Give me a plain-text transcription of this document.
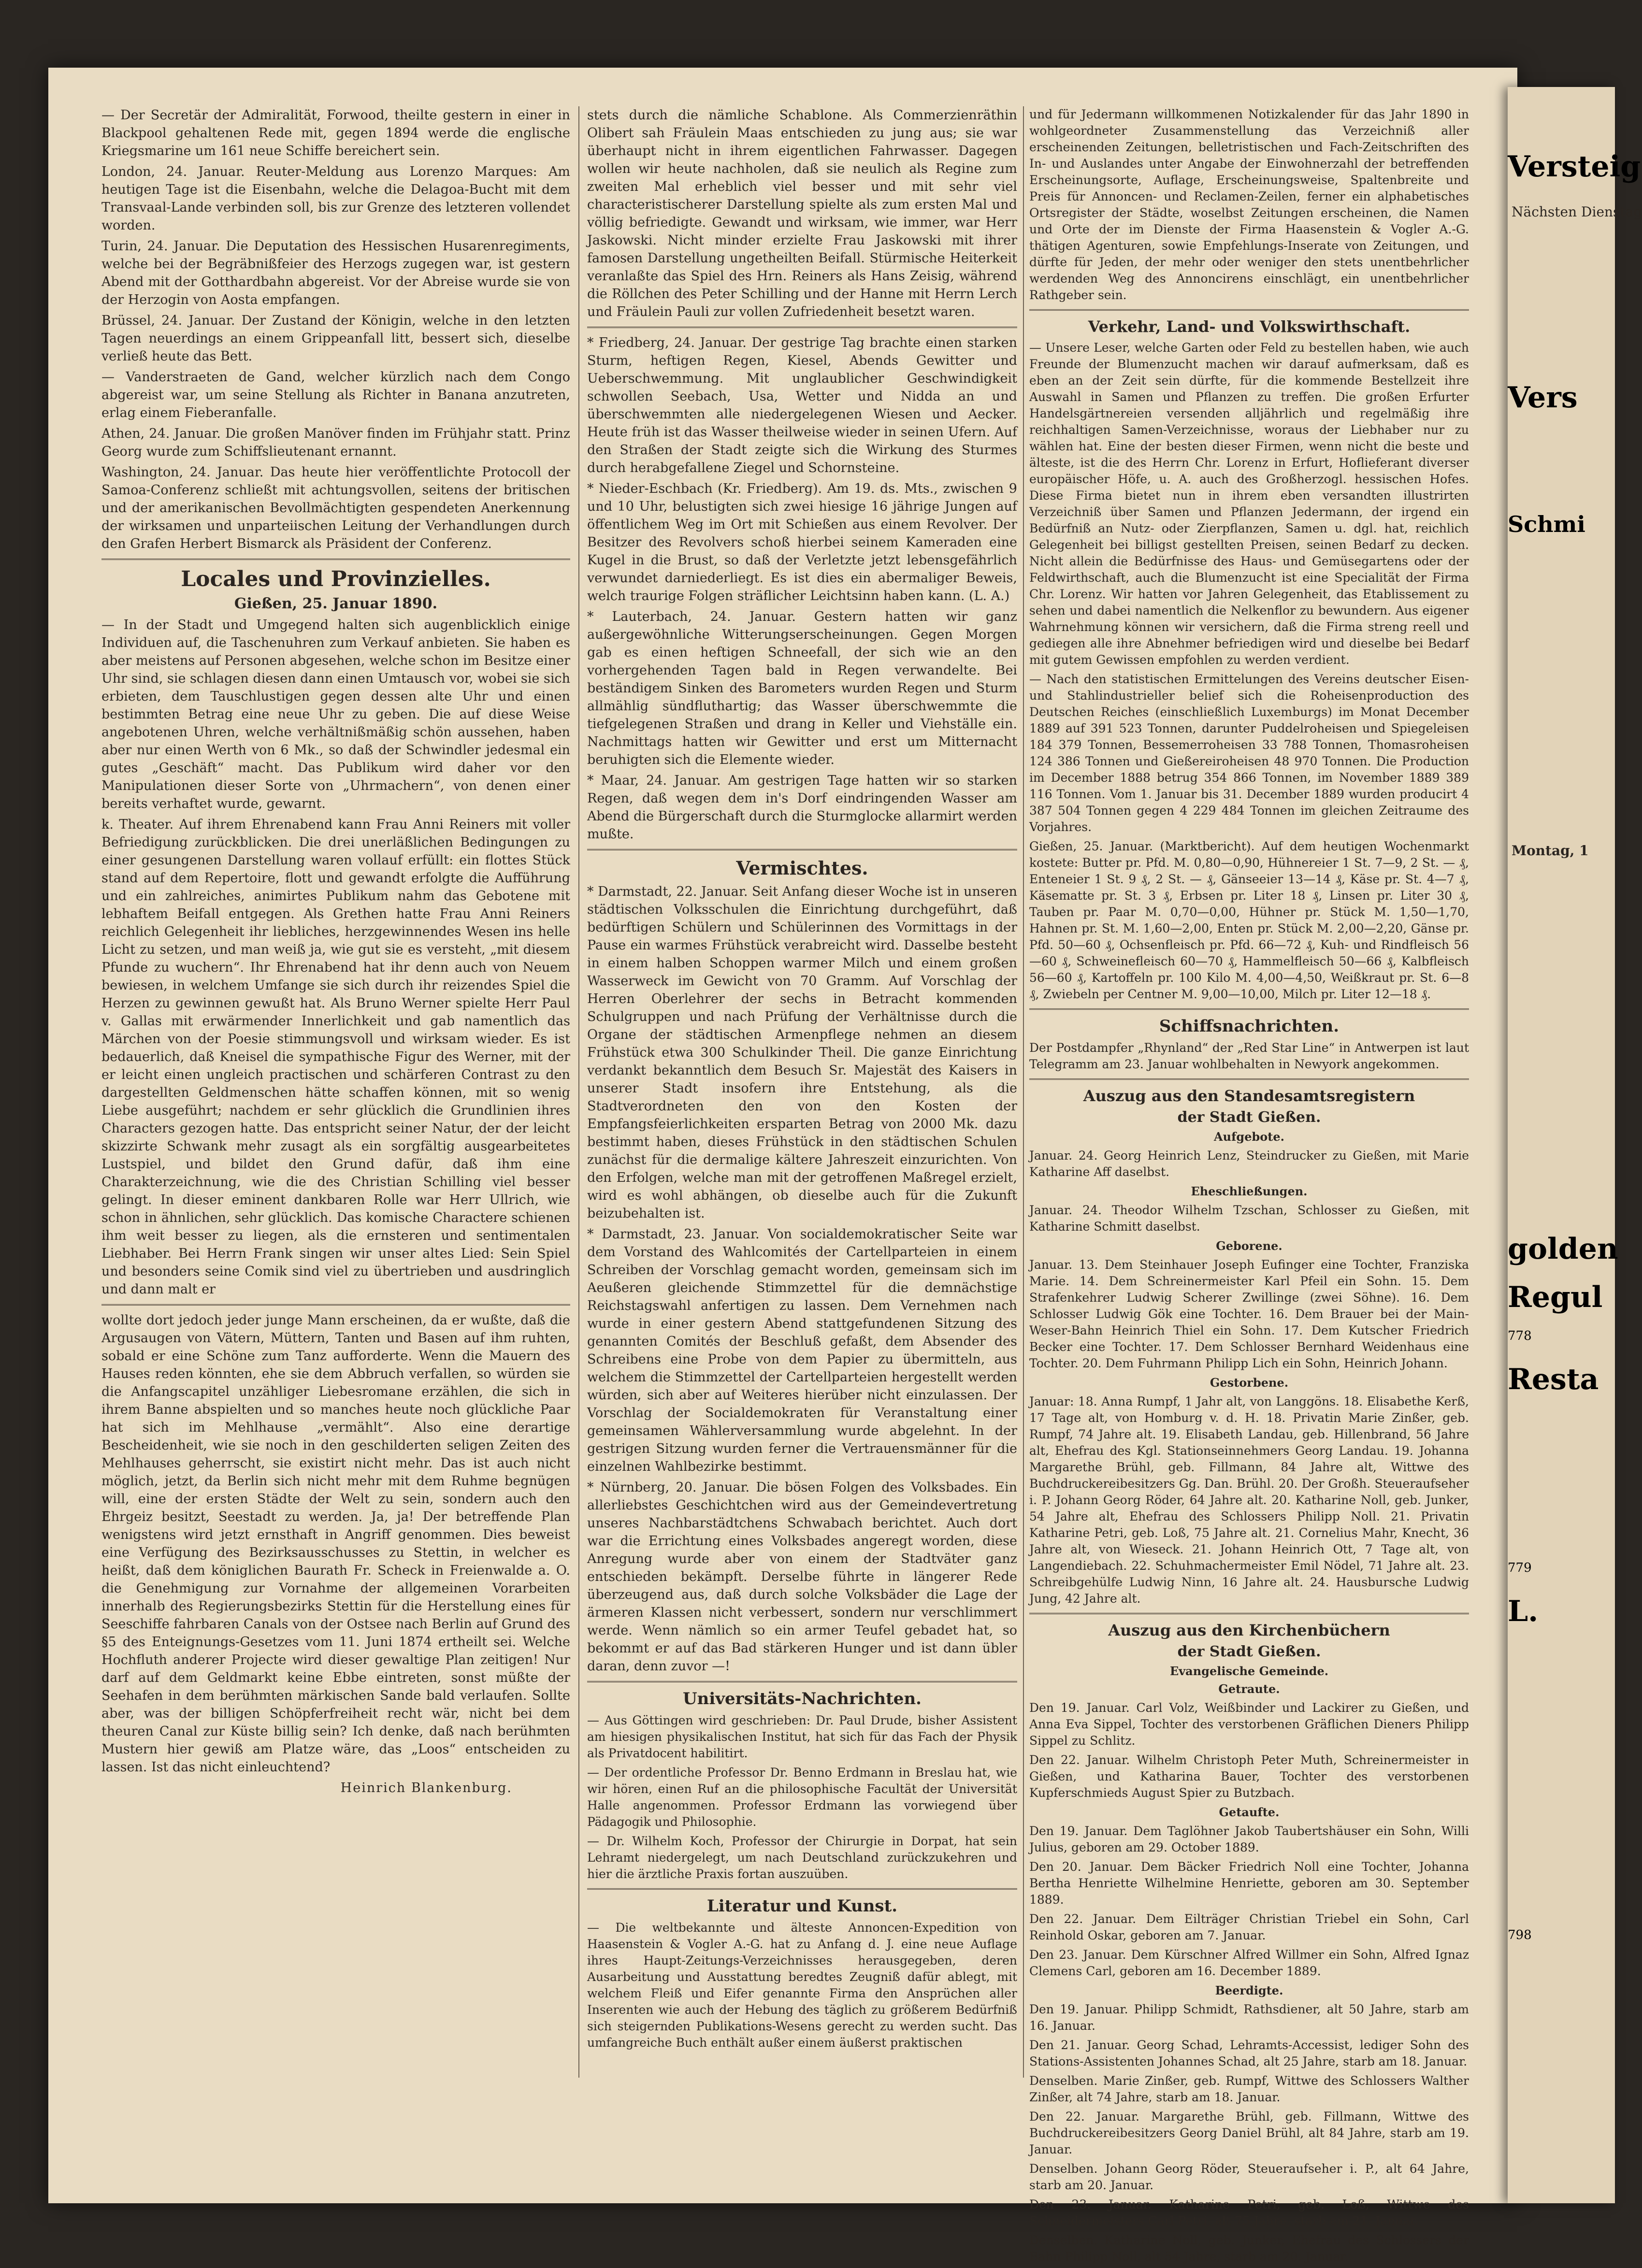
Versteig
Nächsten Dienstag
Vers
Schmi
Montag, 1
golden
Regul
778
Resta
779
L.
798

— Der Secretär der Admiralität, Forwood, theilte gestern in einer in Blackpool gehaltenen Rede mit, gegen 1894 werde die englische Kriegsmarine um 161 neue Schiffe bereichert sein.

London, 24. Januar. Reuter-Meldung aus Lorenzo Marques: Am heutigen Tage ist die Eisenbahn, welche die Delagoa-Bucht mit dem Transvaal-Lande verbinden soll, bis zur Grenze des letzteren vollendet worden.

Turin, 24. Januar. Die Deputation des Hessischen Husarenregiments, welche bei der Begräbnißfeier des Herzogs zugegen war, ist gestern Abend mit der Gotthardbahn abgereist. Vor der Abreise wurde sie von der Herzogin von Aosta empfangen.

Brüssel, 24. Januar. Der Zustand der Königin, welche in den letzten Tagen neuerdings an einem Grippeanfall litt, bessert sich, dieselbe verließ heute das Bett.

— Vanderstraeten de Gand, welcher kürzlich nach dem Congo abgereist war, um seine Stellung als Richter in Banana anzutreten, erlag einem Fieberanfalle.

Athen, 24. Januar. Die großen Manöver finden im Frühjahr statt. Prinz Georg wurde zum Schiffslieutenant ernannt.

Washington, 24. Januar. Das heute hier veröffentlichte Protocoll der Samoa-Conferenz schließt mit achtungsvollen, seitens der britischen und der amerikanischen Bevollmächtigten gespendeten Anerkennung der wirksamen und unparteiischen Leitung der Verhandlungen durch den Grafen Herbert Bismarck als Präsident der Conferenz.

Locales und Provinzielles.
Gießen, 25. Januar 1890.

— In der Stadt und Umgegend halten sich augenblicklich einige Individuen auf, die Taschenuhren zum Verkauf anbieten. Sie haben es aber meistens auf Personen abgesehen, welche schon im Besitze einer Uhr sind, sie schlagen diesen dann einen Umtausch vor, wobei sie sich erbieten, dem Tauschlustigen gegen dessen alte Uhr und einen bestimmten Betrag eine neue Uhr zu geben. Die auf diese Weise angebotenen Uhren, welche verhältnißmäßig schön aussehen, haben aber nur einen Werth von 6 Mk., so daß der Schwindler jedesmal ein gutes „Geschäft“ macht. Das Publikum wird daher vor den Manipulationen dieser Sorte von „Uhrmachern“, von denen einer bereits verhaftet wurde, gewarnt.

k. Theater. Auf ihrem Ehrenabend kann Frau Anni Reiners mit voller Befriedigung zurückblicken. Die drei unerläßlichen Bedingungen zu einer gesungenen Darstellung waren vollauf erfüllt: ein flottes Stück stand auf dem Repertoire, flott und gewandt erfolgte die Aufführung und ein zahlreiches, animirtes Publikum nahm das Gebotene mit lebhaftem Beifall entgegen. Als Grethen hatte Frau Anni Reiners reichlich Gelegenheit ihr liebliches, herzgewinnendes Wesen ins helle Licht zu setzen, und man weiß ja, wie gut sie es versteht, „mit diesem Pfunde zu wuchern“. Ihr Ehrenabend hat ihr denn auch von Neuem bewiesen, in welchem Umfange sie sich durch ihr reizendes Spiel die Herzen zu gewinnen gewußt hat. Als Bruno Werner spielte Herr Paul v. Gallas mit erwärmender Innerlichkeit und gab namentlich das Märchen von der Poesie stimmungsvoll und wirksam wieder. Es ist bedauerlich, daß Kneisel die sympathische Figur des Werner, mit der er leicht einen ungleich practischen und schärferen Contrast zu den dargestellten Geldmenschen hätte schaffen können, mit so wenig Liebe ausgeführt; nachdem er sehr glücklich die Grundlinien ihres Characters gezogen hatte. Das entspricht seiner Natur, der der leicht skizzirte Schwank mehr zusagt als ein sorgfältig ausgearbeitetes Lustspiel, und bildet den Grund dafür, daß ihm eine Charakterzeichnung, wie die des Christian Schilling viel besser gelingt. In dieser eminent dankbaren Rolle war Herr Ullrich, wie schon in ähnlichen, sehr glücklich. Das komische Charactere schienen ihm weit besser zu liegen, als die ernsteren und sentimentalen Liebhaber. Bei Herrn Frank singen wir unser altes Lied: Sein Spiel und besonders seine Comik sind viel zu übertrieben und ausdringlich und dann malt er

wollte dort jedoch jeder junge Mann erscheinen, da er wußte, daß die Argusaugen von Vätern, Müttern, Tanten und Basen auf ihm ruhten, sobald er eine Schöne zum Tanz aufforderte. Wenn die Mauern des Hauses reden könnten, ehe sie dem Abbruch verfallen, so würden sie die Anfangscapitel unzähliger Liebesromane erzählen, die sich in ihrem Banne abspielten und so manches heute noch glückliche Paar hat sich im Mehlhause „vermählt“. Also eine derartige Bescheidenheit, wie sie noch in den geschilderten seligen Zeiten des Mehlhauses geherrscht, sie existirt nicht mehr. Das ist auch nicht möglich, jetzt, da Berlin sich nicht mehr mit dem Ruhme begnügen will, eine der ersten Städte der Welt zu sein, sondern auch den Ehrgeiz besitzt, Seestadt zu werden. Ja, ja! Der betreffende Plan wenigstens wird jetzt ernsthaft in Angriff genommen. Dies beweist eine Verfügung des Bezirksausschusses zu Stettin, in welcher es heißt, daß dem königlichen Baurath Fr. Scheck in Freienwalde a. O. die Genehmigung zur Vornahme der allgemeinen Vorarbeiten innerhalb des Regierungsbezirks Stettin für die Herstellung eines für Seeschiffe fahrbaren Canals von der Ostsee nach Berlin auf Grund des §5 des Enteignungs-Gesetzes vom 11. Juni 1874 ertheilt sei. Welche Hochfluth anderer Projecte wird dieser gewaltige Plan zeitigen! Nur darf auf dem Geldmarkt keine Ebbe eintreten, sonst müßte der Seehafen in dem berühmten märkischen Sande bald verlaufen. Sollte aber, was der billigen Schöpferfreiheit recht wär, nicht bei dem theuren Canal zur Küste billig sein? Ich denke, daß nach berühmten Mustern hier gewiß am Platze wäre, das „Loos“ entscheiden zu lassen. Ist das nicht einleuchtend?

Heinrich Blankenburg.

stets durch die nämliche Schablone. Als Commerzienräthin Olibert sah Fräulein Maas entschieden zu jung aus; sie war überhaupt nicht in ihrem eigentlichen Fahrwasser. Dagegen wollen wir heute nachholen, daß sie neulich als Regine zum zweiten Mal erheblich viel besser und mit sehr viel characteristischerer Darstellung spielte als zum ersten Mal und völlig befriedigte. Gewandt und wirksam, wie immer, war Herr Jaskowski. Nicht minder erzielte Frau Jaskowski mit ihrer famosen Darstellung ungetheilten Beifall. Stürmische Heiterkeit veranlaßte das Spiel des Hrn. Reiners als Hans Zeisig, während die Röllchen des Peter Schilling und der Hanne mit Herrn Lerch und Fräulein Pauli zur vollen Zufriedenheit besetzt waren.

* Friedberg, 24. Januar. Der gestrige Tag brachte einen starken Sturm, heftigen Regen, Kiesel, Abends Gewitter und Ueberschwemmung. Mit unglaublicher Geschwindigkeit schwollen Seebach, Usa, Wetter und Nidda an und überschwemmten alle niedergelegenen Wiesen und Aecker. Heute früh ist das Wasser theilweise wieder in seinen Ufern. Auf den Straßen der Stadt zeigte sich die Wirkung des Sturmes durch herabgefallene Ziegel und Schornsteine.

* Nieder-Eschbach (Kr. Friedberg). Am 19. ds. Mts., zwischen 9 und 10 Uhr, belustigten sich zwei hiesige 16 jährige Jungen auf öffentlichem Weg im Ort mit Schießen aus einem Revolver. Der Besitzer des Revolvers schoß hierbei seinem Kameraden eine Kugel in die Brust, so daß der Verletzte jetzt lebensgefährlich verwundet darniederliegt. Es ist dies ein abermaliger Beweis, welch traurige Folgen sträflicher Leichtsinn haben kann. (L. A.)

* Lauterbach, 24. Januar. Gestern hatten wir ganz außergewöhnliche Witterungserscheinungen. Gegen Morgen gab es einen heftigen Schneefall, der sich wie an den vorhergehenden Tagen bald in Regen verwandelte. Bei beständigem Sinken des Barometers wurden Regen und Sturm allmählig sündfluthartig; das Wasser überschwemmte die tiefgelegenen Straßen und drang in Keller und Viehställe ein. Nachmittags hatten wir Gewitter und erst um Mitternacht beruhigten sich die Elemente wieder.

* Maar, 24. Januar. Am gestrigen Tage hatten wir so starken Regen, daß wegen dem in's Dorf eindringenden Wasser am Abend die Bürgerschaft durch die Sturmglocke allarmirt werden mußte.

Vermischtes.

* Darmstadt, 22. Januar. Seit Anfang dieser Woche ist in unseren städtischen Volksschulen die Einrichtung durchgeführt, daß bedürftigen Schülern und Schülerinnen des Vormittags in der Pause ein warmes Frühstück verabreicht wird. Dasselbe besteht in einem halben Schoppen warmer Milch und einem großen Wasserweck im Gewicht von 70 Gramm. Auf Vorschlag der Herren Oberlehrer der sechs in Betracht kommenden Schulgruppen und nach Prüfung der Verhältnisse durch die Organe der städtischen Armenpflege nehmen an diesem Frühstück etwa 300 Schulkinder Theil. Die ganze Einrichtung verdankt bekanntlich dem Besuch Sr. Majestät des Kaisers in unserer Stadt insofern ihre Entstehung, als die Stadtverordneten den von den Kosten der Empfangsfeierlichkeiten ersparten Betrag von 2000 Mk. dazu bestimmt haben, dieses Frühstück in den städtischen Schulen zunächst für die dermalige kältere Jahreszeit einzurichten. Von den Erfolgen, welche man mit der getroffenen Maßregel erzielt, wird es wohl abhängen, ob dieselbe auch für die Zukunft beizubehalten ist.

* Darmstadt, 23. Januar. Von socialdemokratischer Seite war dem Vorstand des Wahlcomités der Cartellparteien in einem Schreiben der Vorschlag gemacht worden, gemeinsam sich im Aeußeren gleichende Stimmzettel für die demnächstige Reichstagswahl anfertigen zu lassen. Dem Vernehmen nach wurde in einer gestern Abend stattgefundenen Sitzung des genannten Comités der Beschluß gefaßt, dem Absender des Schreibens eine Probe von dem Papier zu übermitteln, aus welchem die Stimmzettel der Cartellparteien hergestellt werden würden, sich aber auf Weiteres hierüber nicht einzulassen. Der Vorschlag der Socialdemokraten für Veranstaltung einer gemeinsamen Wählerversammlung wurde abgelehnt. In der gestrigen Sitzung wurden ferner die Vertrauensmänner für die einzelnen Wahlbezirke bestimmt.

* Nürnberg, 20. Januar. Die bösen Folgen des Volksbades. Ein allerliebstes Geschichtchen wird aus der Gemeindevertretung unseres Nachbarstädtchens Schwabach berichtet. Auch dort war die Errichtung eines Volksbades angeregt worden, diese Anregung wurde aber von einem der Stadtväter ganz entschieden bekämpft. Derselbe führte in längerer Rede überzeugend aus, daß durch solche Volksbäder die Lage der ärmeren Klassen nicht verbessert, sondern nur verschlimmert werde. Wenn nämlich so ein armer Teufel gebadet hat, so bekommt er auf das Bad stärkeren Hunger und ist dann übler daran, denn zuvor —!

Universitäts-Nachrichten.

— Aus Göttingen wird geschrieben: Dr. Paul Drude, bisher Assistent am hiesigen physikalischen Institut, hat sich für das Fach der Physik als Privatdocent habilitirt.

— Der ordentliche Professor Dr. Benno Erdmann in Breslau hat, wie wir hören, einen Ruf an die philosophische Facultät der Universität Halle angenommen. Professor Erdmann las vorwiegend über Pädagogik und Philosophie.

— Dr. Wilhelm Koch, Professor der Chirurgie in Dorpat, hat sein Lehramt niedergelegt, um nach Deutschland zurückzukehren und hier die ärztliche Praxis fortan auszuüben.

Literatur und Kunst.

— Die weltbekannte und älteste Annoncen-Expedition von Haasenstein & Vogler A.-G. hat zu Anfang d. J. eine neue Auflage ihres Haupt-Zeitungs-Verzeichnisses herausgegeben, deren Ausarbeitung und Ausstattung beredtes Zeugniß dafür ablegt, mit welchem Fleiß und Eifer genannte Firma den Ansprüchen aller Inserenten wie auch der Hebung des täglich zu größerem Bedürfniß sich steigernden Publikations-Wesens gerecht zu werden sucht. Das umfangreiche Buch enthält außer einem äußerst praktischen

und für Jedermann willkommenen Notizkalender für das Jahr 1890 in wohlgeordneter Zusammenstellung das Verzeichniß aller erscheinenden Zeitungen, belletristischen und Fach-Zeitschriften des In- und Auslandes unter Angabe der Einwohnerzahl der betreffenden Erscheinungsorte, Auflage, Erscheinungsweise, Spaltenbreite und Preis für Annoncen- und Reclamen-Zeilen, ferner ein alphabetisches Ortsregister der Städte, woselbst Zeitungen erscheinen, die Namen und Orte der im Dienste der Firma Haasenstein & Vogler A.-G. thätigen Agenturen, sowie Empfehlungs-Inserate von Zeitungen, und dürfte für Jeden, der mehr oder weniger den stets unentbehrlicher werdenden Weg des Annoncirens einschlägt, ein unentbehrlicher Rathgeber sein.

Verkehr, Land- und Volkswirthschaft.

— Unsere Leser, welche Garten oder Feld zu bestellen haben, wie auch Freunde der Blumenzucht machen wir darauf aufmerksam, daß es eben an der Zeit sein dürfte, für die kommende Bestellzeit ihre Auswahl in Samen und Pflanzen zu treffen. Die großen Erfurter Handelsgärtnereien versenden alljährlich und regelmäßig ihre reichhaltigen Samen-Verzeichnisse, woraus der Liebhaber nur zu wählen hat. Eine der besten dieser Firmen, wenn nicht die beste und älteste, ist die des Herrn Chr. Lorenz in Erfurt, Hoflieferant diverser europäischer Höfe, u. A. auch des Großherzogl. hessischen Hofes. Diese Firma bietet nun in ihrem eben versandten illustrirten Verzeichniß über Samen und Pflanzen Jedermann, der irgend ein Bedürfniß an Nutz- oder Zierpflanzen, Samen u. dgl. hat, reichlich Gelegenheit bei billigst gestellten Preisen, seinen Bedarf zu decken. Nicht allein die Bedürfnisse des Haus- und Gemüsegartens oder der Feldwirthschaft, auch die Blumenzucht ist eine Specialität der Firma Chr. Lorenz. Wir hatten vor Jahren Gelegenheit, das Etablissement zu sehen und dabei namentlich die Nelkenflor zu bewundern. Aus eigener Wahrnehmung können wir versichern, daß die Firma streng reell und gediegen alle ihre Abnehmer befriedigen wird und dieselbe bei Bedarf mit gutem Gewissen empfohlen zu werden verdient.

— Nach den statistischen Ermittelungen des Vereins deutscher Eisen- und Stahlindustrieller belief sich die Roheisenproduction des Deutschen Reiches (einschließlich Luxemburgs) im Monat December 1889 auf 391 523 Tonnen, darunter Puddelroheisen und Spiegeleisen 184 379 Tonnen, Bessemerroheisen 33 788 Tonnen, Thomasroheisen 124 386 Tonnen und Gießereiroheisen 48 970 Tonnen. Die Production im December 1888 betrug 354 866 Tonnen, im November 1889 389 116 Tonnen. Vom 1. Januar bis 31. December 1889 wurden producirt 4 387 504 Tonnen gegen 4 229 484 Tonnen im gleichen Zeitraume des Vorjahres.

Gießen, 25. Januar. (Marktbericht). Auf dem heutigen Wochenmarkt kostete: Butter pr. Pfd. M. 0,80—0,90, Hühnereier 1 St. 7—9, 2 St. — ₰, Enteneier 1 St. 9 ₰, 2 St. — ₰, Gänseeier 13—14 ₰, Käse pr. St. 4—7 ₰, Käsematte pr. St. 3 ₰, Erbsen pr. Liter 18 ₰, Linsen pr. Liter 30 ₰, Tauben pr. Paar M. 0,70—0,00, Hühner pr. Stück M. 1,50—1,70, Hahnen pr. St. M. 1,60—2,00, Enten pr. Stück M. 2,00—2,20, Gänse pr. Pfd. 50—60 ₰, Ochsenfleisch pr. Pfd. 66—72 ₰, Kuh- und Rindfleisch 56—60 ₰, Schweinefleisch 60—70 ₰, Hammelfleisch 50—66 ₰, Kalbfleisch 56—60 ₰, Kartoffeln pr. 100 Kilo M. 4,00—4,50, Weißkraut pr. St. 6—8 ₰, Zwiebeln per Centner M. 9,00—10,00, Milch pr. Liter 12—18 ₰.

Schiffsnachrichten.

Der Postdampfer „Rhynland“ der „Red Star Line“ in Antwerpen ist laut Telegramm am 23. Januar wohlbehalten in Newyork angekommen.

Auszug aus den Standesamtsregistern
der Stadt Gießen.
Aufgebote.

Januar. 24. Georg Heinrich Lenz, Steindrucker zu Gießen, mit Marie Katharine Aff daselbst.

Eheschließungen.

Januar. 24. Theodor Wilhelm Tzschan, Schlosser zu Gießen, mit Katharine Schmitt daselbst.

Geborene.

Januar. 13. Dem Steinhauer Joseph Eufinger eine Tochter, Franziska Marie. 14. Dem Schreinermeister Karl Pfeil ein Sohn. 15. Dem Strafenkehrer Ludwig Scherer Zwillinge (zwei Söhne). 16. Dem Schlosser Ludwig Gök eine Tochter. 16. Dem Brauer bei der Main-Weser-Bahn Heinrich Thiel ein Sohn. 17. Dem Kutscher Friedrich Becker eine Tochter. 17. Dem Schlosser Bernhard Weidenhaus eine Tochter. 20. Dem Fuhrmann Philipp Lich ein Sohn, Heinrich Johann.

Gestorbene.

Januar: 18. Anna Rumpf, 1 Jahr alt, von Langgöns. 18. Elisabethe Kerß, 17 Tage alt, von Homburg v. d. H. 18. Privatin Marie Zinßer, geb. Rumpf, 74 Jahre alt. 19. Elisabeth Landau, geb. Hillenbrand, 56 Jahre alt, Ehefrau des Kgl. Stationseinnehmers Georg Landau. 19. Johanna Margarethe Brühl, geb. Fillmann, 84 Jahre alt, Wittwe des Buchdruckereibesitzers Gg. Dan. Brühl. 20. Der Großh. Steueraufseher i. P. Johann Georg Röder, 64 Jahre alt. 20. Katharine Noll, geb. Junker, 54 Jahre alt, Ehefrau des Schlossers Philipp Noll. 21. Privatin Katharine Petri, geb. Loß, 75 Jahre alt. 21. Cornelius Mahr, Knecht, 36 Jahre alt, von Wieseck. 21. Johann Heinrich Ott, 7 Tage alt, von Langendiebach. 22. Schuhmachermeister Emil Nödel, 71 Jahre alt. 23. Schreibgehülfe Ludwig Ninn, 16 Jahre alt. 24. Hausbursche Ludwig Jung, 42 Jahre alt.

Auszug aus den Kirchenbüchern
der Stadt Gießen.
Evangelische Gemeinde.
Getraute.

Den 19. Januar. Carl Volz, Weißbinder und Lackirer zu Gießen, und Anna Eva Sippel, Tochter des verstorbenen Gräflichen Dieners Philipp Sippel zu Schlitz.

Den 22. Januar. Wilhelm Christoph Peter Muth, Schreinermeister in Gießen, und Katharina Bauer, Tochter des verstorbenen Kupferschmieds August Spier zu Butzbach.

Getaufte.

Den 19. Januar. Dem Taglöhner Jakob Taubertshäuser ein Sohn, Willi Julius, geboren am 29. October 1889.

Den 20. Januar. Dem Bäcker Friedrich Noll eine Tochter, Johanna Bertha Henriette Wilhelmine Henriette, geboren am 30. September 1889.

Den 22. Januar. Dem Eilträger Christian Triebel ein Sohn, Carl Reinhold Oskar, geboren am 7. Januar.

Den 23. Januar. Dem Kürschner Alfred Willmer ein Sohn, Alfred Ignaz Clemens Carl, geboren am 16. December 1889.

Beerdigte.

Den 19. Januar. Philipp Schmidt, Rathsdiener, alt 50 Jahre, starb am 16. Januar.

Den 21. Januar. Georg Schad, Lehramts-Accessist, lediger Sohn des Stations-Assistenten Johannes Schad, alt 25 Jahre, starb am 18. Januar.

Denselben. Marie Zinßer, geb. Rumpf, Wittwe des Schlossers Walther Zinßer, alt 74 Jahre, starb am 18. Januar.

Den 22. Januar. Margarethe Brühl, geb. Fillmann, Wittwe des Buchdruckereibesitzers Georg Daniel Brühl, alt 84 Jahre, starb am 19. Januar.

Denselben. Johann Georg Röder, Steueraufseher i. P., alt 64 Jahre, starb am 20. Januar.

Den 23. Januar. Katharine Petri, geb. Loß, Wittwe des Schneidermeisters Carl Petri, alt 75 Jahre, starb am 21. Januar.

Denselben. Katharine Noll, geb. Junker, Ehefrau des Schlossers der Bahn Philipp Noll, alt 54 Jahre, starb am 20. Januar.
